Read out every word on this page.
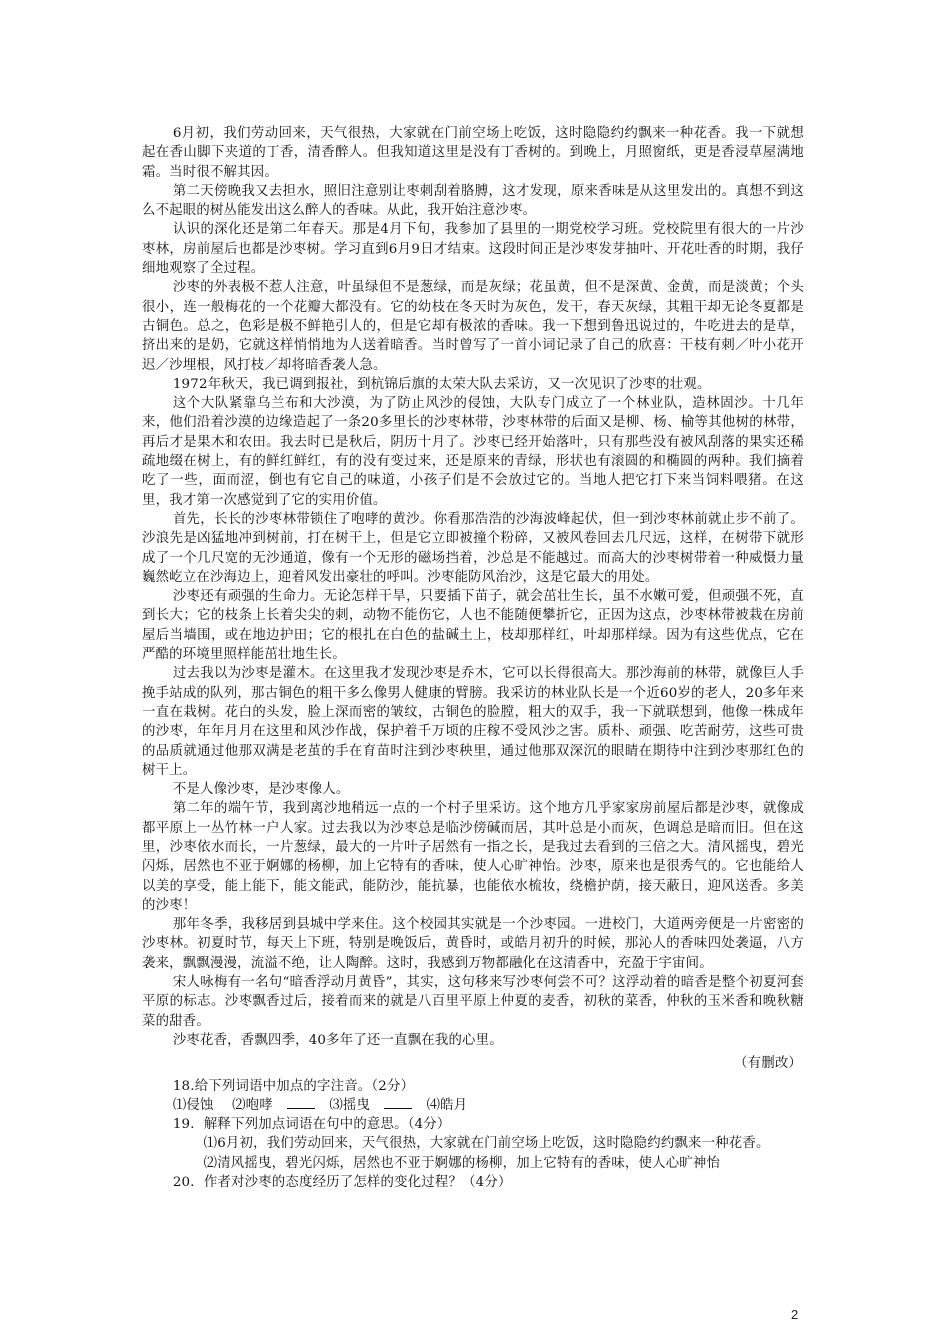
6月初，我们劳动回来，天气很热，大家就在门前空场上吃饭，这时隐隐约约飘来一种花香。我一下就想起在香山脚下夹道的丁香，清香醉人。但我知道这里是没有丁香树的。到晚上，月照窗纸，更是香浸草屋满地霜。当时很不解其因。

第二天傍晚我又去担水，照旧注意别让枣刺刮着胳膊，这才发现，原来香味是从这里发出的。真想不到这么不起眼的树丛能发出这么醉人的香味。从此，我开始注意沙枣。

认识的深化还是第二年春天。那是4月下旬，我参加了县里的一期党校学习班。党校院里有很大的一片沙枣林，房前屋后也都是沙枣树。学习直到6月9日才结束。这段时间正是沙枣发芽抽叶、开花吐香的时期，我仔细地观察了全过程。

沙枣的外表极不惹人注意，叶虽绿但不是葱绿，而是灰绿；花虽黄，但不是深黄、金黄，而是淡黄；个头很小，连一般梅花的一个花瓣大都没有。它的幼枝在冬天时为灰色，发干，春天灰绿，其粗干却无论冬夏都是古铜色。总之，色彩是极不鲜艳引人的，但是它却有极浓的香味。我一下想到鲁迅说过的，牛吃进去的是草，挤出来的是奶，它就这样悄悄地为人送着暗香。当时曾写了一首小词记录了自己的欣喜：干枝有刺／叶小花开迟／沙埋根，风打枝／却将暗香袭人急。

1972年秋天，我已调到报社，到杭锦后旗的太荣大队去采访，又一次见识了沙枣的壮观。

这个大队紧靠乌兰布和大沙漠，为了防止风沙的侵蚀，大队专门成立了一个林业队，造林固沙。十几年来，他们沿着沙漠的边缘造起了一条20多里长的沙枣林带，沙枣林带的后面又是柳、杨、榆等其他树的林带，再后才是果木和农田。我去时已是秋后，阴历十月了。沙枣已经开始落叶，只有那些没有被风刮落的果实还稀疏地缀在树上，有的鲜红鲜红，有的没有变过来，还是原来的青绿，形状也有滚圆的和椭圆的两种。我们摘着吃了一些，面而涩，倒也有它自己的味道，小孩子们是不会放过它的。当地人把它打下来当饲料喂猪。在这里，我才第一次感觉到了它的实用价值。

首先，长长的沙枣林带锁住了咆哮的黄沙。你看那浩浩的沙海波峰起伏，但一到沙枣林前就止步不前了。沙浪先是凶猛地冲到树前，打在树干上，但是它立即被撞个粉碎，又被风卷回去几尺远，这样，在树带下就形成了一个几尺宽的无沙通道，像有一个无形的磁场挡着，沙总是不能越过。而高大的沙枣树带着一种威慑力量巍然屹立在沙海边上，迎着风发出豪壮的呼叫。沙枣能防风治沙，这是它最大的用处。

沙枣还有顽强的生命力。无论怎样干旱，只要插下苗子，就会茁壮生长，虽不水嫩可爱，但顽强不死，直到长大；它的枝条上长着尖尖的刺，动物不能伤它，人也不能随便攀折它，正因为这点，沙枣林带被栽在房前屋后当墙围，或在地边护田；它的根扎在白色的盐碱土上，枝却那样红，叶却那样绿。因为有这些优点，它在严酷的环境里照样能茁壮地生长。

过去我以为沙枣是灌木。在这里我才发现沙枣是乔木，它可以长得很高大。那沙海前的林带，就像巨人手挽手站成的队列，那古铜色的粗干多么像男人健康的臂膀。我采访的林业队长是一个近60岁的老人，20多年来一直在栽树。花白的头发，脸上深而密的皱纹，古铜色的脸膛，粗大的双手，我一下就联想到，他像一株成年的沙枣，年年月月在这里和风沙作战，保护着千万顷的庄稼不受风沙之害。质朴、顽强、吃苦耐劳，这些可贵的品质就通过他那双满是老茧的手在育苗时注到沙枣秧里，通过他那双深沉的眼睛在期待中注到沙枣那红色的树干上。

不是人像沙枣，是沙枣像人。

第二年的端午节，我到离沙地稍远一点的一个村子里采访。这个地方几乎家家房前屋后都是沙枣，就像成都平原上一丛竹林一户人家。过去我以为沙枣总是临沙傍碱而居，其叶总是小而灰，色调总是暗而旧。但在这里，沙枣依水而长，一片葱绿，最大的一片叶子居然有一指之长，是我过去看到的三倍之大。清风摇曳，碧光闪烁，居然也不亚于婀娜的杨柳，加上它特有的香味，使人心旷神怡。沙枣，原来也是很秀气的。它也能给人以美的享受，能上能下，能文能武，能防沙，能抗暴，也能依水梳妆，绕檐护荫，接天蔽日，迎风送香。多美的沙枣！

那年冬季，我移居到县城中学来住。这个校园其实就是一个沙枣园。一进校门，大道两旁便是一片密密的沙枣林。初夏时节，每天上下班，特别是晚饭后，黄昏时，或皓月初升的时候，那沁人的香味四处袭逼，八方袭来，飘飘漫漫，流溢不绝，让人陶醉。这时，我感到万物都融化在这清香中，充盈于宇宙间。

宋人咏梅有一名句“暗香浮动月黄昏”，其实，这句移来写沙枣何尝不可？这浮动着的暗香是整个初夏河套平原的标志。沙枣飘香过后，接着而来的就是八百里平原上仲夏的麦香，初秋的菜香，仲秋的玉米香和晚秋糖菜的甜香。

沙枣花香，香飘四季，40多年了还一直飘在我的心里。

（有删改）

18.给下列词语中加点的字注音。（2分）

⑴侵蚀 ⑵咆哮	⑶摇曳	⑷皓月

19．解释下列加点词语在句中的意思。（4分）

⑴6月初，我们劳动回来，天气很热，大家就在门前空场上吃饭，这时隐隐约约飘来一种花香。

⑵清风摇曳，碧光闪烁，居然也不亚于婀娜的杨柳，加上它特有的香味，使人心旷神怡

20．作者对沙枣的态度经历了怎样的变化过程？（4分）

2
